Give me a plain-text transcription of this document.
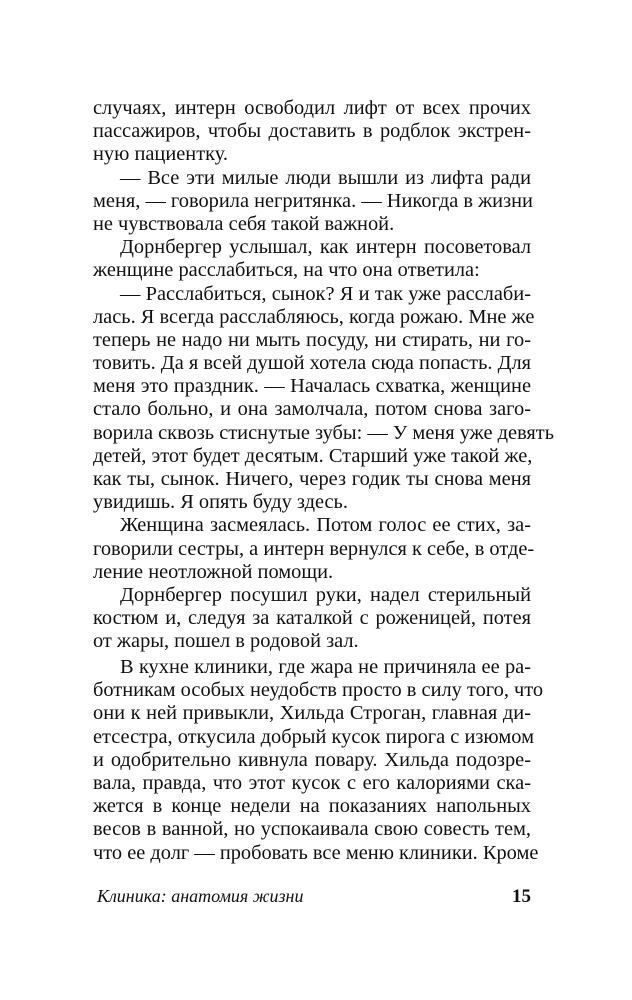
случаях, интерн освободил лифт от всех прочих
пассажиров, чтобы доставить в родблок экстрен-
ную пациентку.
— Все эти милые люди вышли из лифта ради
меня, — говорила негритянка. — Никогда в жизни
не чувствовала себя такой важной.
Дорнбергер услышал, как интерн посоветовал
женщине расслабиться, на что она ответила:
— Расслабиться, сынок? Я и так уже расслаби-
лась. Я всегда расслабляюсь, когда рожаю. Мне же
теперь не надо ни мыть посуду, ни стирать, ни го-
товить. Да я всей душой хотела сюда попасть. Для
меня это праздник. — Началась схватка, женщине
стало больно, и она замолчала, потом снова заго-
ворила сквозь стиснутые зубы: — У меня уже девять
детей, этот будет десятым. Старший уже такой же,
как ты, сынок. Ничего, через годик ты снова меня
увидишь. Я опять буду здесь.
Женщина засмеялась. Потом голос ее стих, за-
говорили сестры, а интерн вернулся к себе, в отде-
ление неотложной помощи.
Дорнбергер посушил руки, надел стерильный
костюм и, следуя за каталкой с роженицей, потея
от жары, пошел в родовой зал.
В кухне клиники, где жара не причиняла ее ра-
ботникам особых неудобств просто в силу того, что
они к ней привыкли, Хильда Строган, главная ди-
етсестра, откусила добрый кусок пирога с изюмом
и одобрительно кивнула повару. Хильда подозре-
вала, правда, что этот кусок с его калориями ска-
жется в конце недели на показаниях напольных
весов в ванной, но успокаивала свою совесть тем,
что ее долг — пробовать все меню клиники. Кроме
Клиника: анатомия жизни	15
